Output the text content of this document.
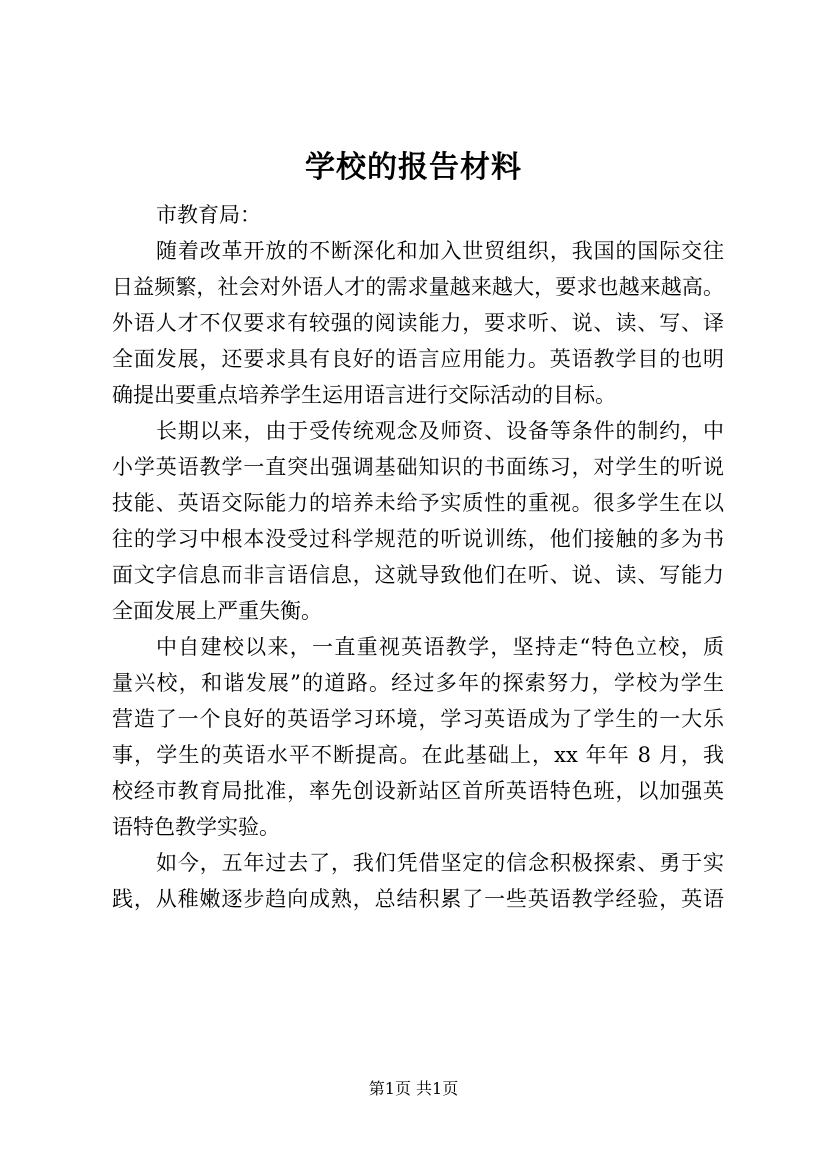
学校的报告材料
市教育局：
随着改革开放的不断深化和加入世贸组织，我国的国际交往
日益频繁，社会对外语人才的需求量越来越大，要求也越来越高。
外语人才不仅要求有较强的阅读能力，要求听、说、读、写、译
全面发展，还要求具有良好的语言应用能力。英语教学目的也明
确提出要重点培养学生运用语言进行交际活动的目标。
长期以来，由于受传统观念及师资、设备等条件的制约，中
小学英语教学一直突出强调基础知识的书面练习，对学生的听说
技能、英语交际能力的培养未给予实质性的重视。很多学生在以
往的学习中根本没受过科学规范的听说训练，他们接触的多为书
面文字信息而非言语信息，这就导致他们在听、说、读、写能力
全面发展上严重失衡。
中自建校以来，一直重视英语教学，坚持走“特色立校，质
量兴校，和谐发展”的道路。经过多年的探索努力，学校为学生
营造了一个良好的英语学习环境，学习英语成为了学生的一大乐
事，学生的英语水平不断提高。在此基础上，xx 年年 8 月，我
校经市教育局批准，率先创设新站区首所英语特色班，以加强英
语特色教学实验。
如今，五年过去了，我们凭借坚定的信念积极探索、勇于实
践，从稚嫩逐步趋向成熟，总结积累了一些英语教学经验，英语
第1页 共1页
